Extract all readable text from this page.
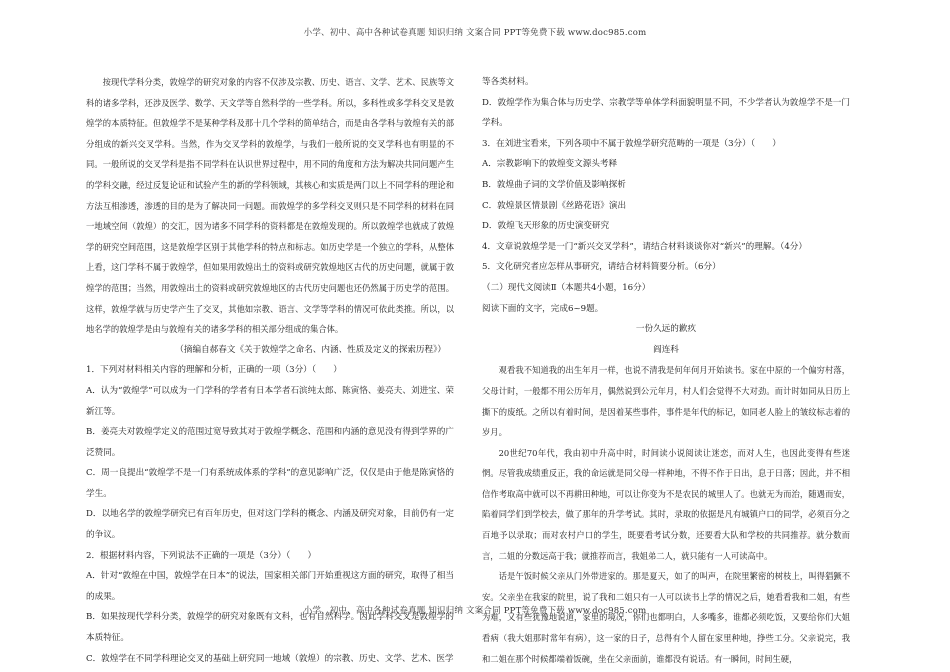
小学、初中、高中各种试卷真题 知识归纳 文案合同 PPT等免费下载 www.doc985.com

按现代学科分类，敦煌学的研究对象的内容不仅涉及宗教、历史、语言、文学、艺术、民族等文科的诸多学科，还涉及医学、数学、天文学等自然科学的一些学科。所以，多科性或多学科交叉是敦煌学的本质特征。但敦煌学不是某种学科及那十几个学科的简单结合，而是由各学科与敦煌有关的部分组成的新兴交叉学科。当然，作为交叉学科的敦煌学，与我们一般所说的交叉学科也有明显的不同。一般所说的交叉学科是指不同学科在认识世界过程中，用不同的角度和方法为解决共同问题产生的学科交融，经过反复论证和试验产生的新的学科领域，其核心和实质是两门以上不同学科的理论和方法互相渗透，渗透的目的是为了解决同一问题。而敦煌学的多学科交叉则只是不同学科的材料在同一地域空间（敦煌）的交汇，因为诸多不同学科的资料都是在敦煌发现的。所以敦煌学也就成了敦煌学的研究空间范围，这是敦煌学区别于其他学科的特点和标志。如历史学是一个独立的学科，从整体上看，这门学科不属于敦煌学，但如果用敦煌出土的资料或研究敦煌地区古代的历史问题，就属于敦煌学的范围；当然，用敦煌出土的资料或研究敦煌地区的古代历史问题也还仍然属于历史学的范围。这样，敦煌学就与历史学产生了交叉，其他如宗教、语言、文学等学科的情况可依此类推。所以，以地名学的敦煌学是由与敦煌有关的诸多学科的相关部分组成的集合体。

（摘编自郝春文《关于敦煌学之命名、内涵、性质及定义的探索历程》）

1．下列对材料相关内容的理解和分析，正确的一项（3分）（　　）

A．认为“敦煌学”可以成为一门学科的学者有日本学者石滨纯太郎、陈寅恪、姜亮夫、刘进宝、荣新江等。

B．姜亮夫对敦煌学定义的范围过宽导致其对于敦煌学概念、范围和内涵的意见没有得到学界的广泛赞同。

C．周一良提出“敦煌学不是一门有系统成体系的学科”的意见影响广泛，仅仅是由于他是陈寅恪的学生。

D．以地名学的敦煌学研究已有百年历史，但对这门学科的概念、内涵及研究对象，目前仍有一定的争议。

2．根据材料内容，下列说法不正确的一项是（3分）（　　）

A．针对“敦煌在中国，敦煌学在日本”的说法，国家相关部门开始重视这方面的研究，取得了相当的成果。

B．如果按现代学科分类，敦煌学的研究对象既有文科，也有自然科学。因此学科交叉是敦煌学的本质特征。

C．敦煌学在不同学科理论交叉的基础上研究同一地域（敦煌）的宗教、历史、文学、艺术、医学

等各类材料。

D．敦煌学作为集合体与历史学、宗教学等单体学科面貌明显不同，不少学者认为敦煌学不是一门学科。

3．在刘进宝看来，下列各项中不属于敦煌学研究范畴的一项是（3分）（　　）

A．宗教影响下的敦煌变文源头考释

B．敦煌曲子词的文学价值及影响探析

C．敦煌景区情景剧《丝路花语》演出

D．敦煌飞天形象的历史演变研究

4．文章说敦煌学是一门“新兴交叉学科”，请结合材料谈谈你对“新兴”的理解。（4分）

5．文化研究者应怎样从事研究，请结合材料简要分析。（6分）

（二）现代文阅读Ⅱ（本题共4小题，16分）

阅读下面的文字，完成6~9题。

一份久远的歉疚

阎连科

观看我不知道我的出生年月一样，也说不清我是何年何月开始读书。家在中原的一个偏穷村落，父母计时，一般都不用公历年月，偶然说到公元年月，村人们会觉得不大对劲。而计时如同从日历上撕下的废纸。之所以有着时间，是因着某些事件，事件是年代的标记，如同老人脸上的皱纹标志着的岁月。

20世纪70年代，我由初中升高中时，时间读小说阅读让迷恋，而对人生，也因此变得有些迷惘。尽管我成绩重反正，我的命运就是同父母一样种地，不得不作于日出，息于日落；因此，并不相信作考取高中就可以不再耕田种地，可以让你变为不是农民的城里人了。也就无为而治，随遇而安，陷着同学们到学校去，做了那年的升学考试。其时，录取的依据是凡有城镇户口的同学，必须百分之百地予以录取；而对农村户口的学生，既要看考试分数，还要看大队和学校的共同推荐。就分数而言，二姐的分数远高于我；就推荐而言，我姐弟二人，就只能有一人可读高中。

话是午饭时候父亲从门外带进家的。那是夏天，如了的叫声，在院里繁密的树枝上，叫得猖獗不安。父亲坐在我家的院里，说了我和二姐只有一人可以读书上学的情况之后，她看看我和二姐，有些为难，又有些犹豫地说道，家里的境况，你们也都明白，人多嘴多，谁都必须吃饭，又要给你们大姐看病（我大姐那时常年有病），这一家的日子，总得有个人留在家里种地，挣些工分。父亲说完，我和二姐在那个时候都端着饭碗，坐在父亲面前，谁都没有说话。有一瞬间，时间生硬，

小学、初中、高中各种试卷真题 知识归纳 文案合同 PPT等免费下载 www.doc985.com
